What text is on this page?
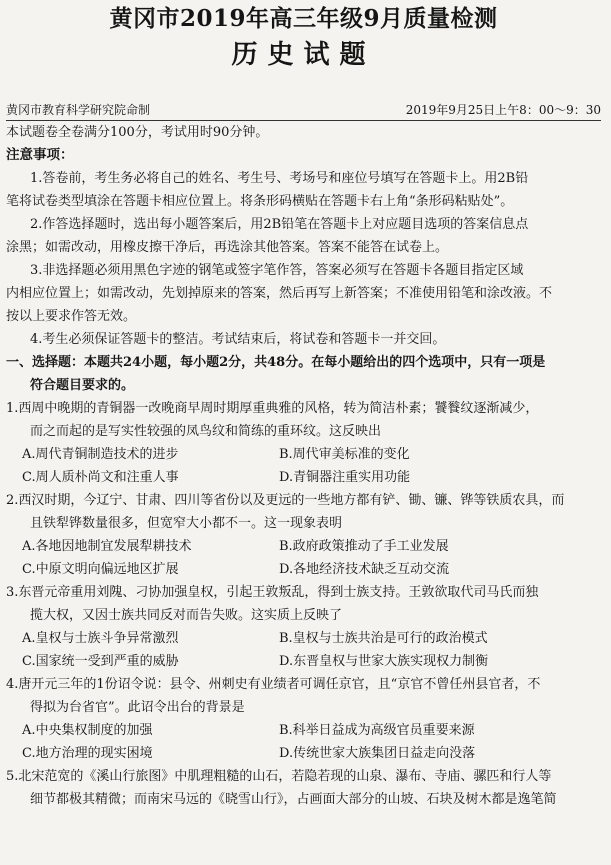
黄冈市2019年高三年级9月质量检测
历史试题
黄冈市教育科学研究院命制	2019年9月25日上午8：00～9：30
本试题卷全卷满分100分，考试用时90分钟。
注意事项：
1.答卷前，考生务必将自己的姓名、考生号、考场号和座位号填写在答题卡上。用2B铅
笔将试卷类型填涂在答题卡相应位置上。将条形码横贴在答题卡右上角“条形码粘贴处”。
2.作答选择题时，选出每小题答案后，用2B铅笔在答题卡上对应题目选项的答案信息点
涂黑；如需改动，用橡皮擦干净后，再选涂其他答案。答案不能答在试卷上。
3.非选择题必须用黑色字迹的钢笔或签字笔作答，答案必须写在答题卡各题目指定区域
内相应位置上；如需改动，先划掉原来的答案，然后再写上新答案；不准使用铅笔和涂改液。不
按以上要求作答无效。
4.考生必须保证答题卡的整洁。考试结束后，将试卷和答题卡一并交回。
一、选择题：本题共24小题，每小题2分，共48分。在每小题给出的四个选项中，只有一项是
符合题目要求的。
1.西周中晚期的青铜器一改晚商早周时期厚重典雅的风格，转为简洁朴素；饕餮纹逐渐减少，
而之而起的是写实性较强的凤鸟纹和简练的重环纹。这反映出
A.周代青铜制造技术的进步	B.周代审美标准的变化
C.周人质朴尚文和注重人事	D.青铜器注重实用功能
2.西汉时期，今辽宁、甘肃、四川等省份以及更远的一些地方都有铲、锄、镰、铧等铁质农具，而
且铁犁铧数量很多，但宽窄大小都不一。这一现象表明
A.各地因地制宜发展犁耕技术	B.政府政策推动了手工业发展
C.中原文明向偏远地区扩展	D.各地经济技术缺乏互动交流
3.东晋元帝重用刘隗、刁协加强皇权，引起王敦叛乱，得到士族支持。王敦欲取代司马氏而独
揽大权，又因士族共同反对而告失败。这实质上反映了
A.皇权与士族斗争异常激烈	B.皇权与士族共治是可行的政治模式
C.国家统一受到严重的威胁	D.东晋皇权与世家大族实现权力制衡
4.唐开元三年的1份诏令说：县令、州刺史有业绩者可调任京官，且“京官不曾任州县官者，不
得拟为台省官”。此诏令出台的背景是
A.中央集权制度的加强	B.科举日益成为高级官员重要来源
C.地方治理的现实困境	D.传统世家大族集团日益走向没落
5.北宋范宽的《溪山行旅图》中肌理粗糙的山石，若隐若现的山泉、瀑布、寺庙、骡匹和行人等
细节都极其精微；而南宋马远的《晓雪山行》，占画面大部分的山坡、石块及树木都是逸笔简
